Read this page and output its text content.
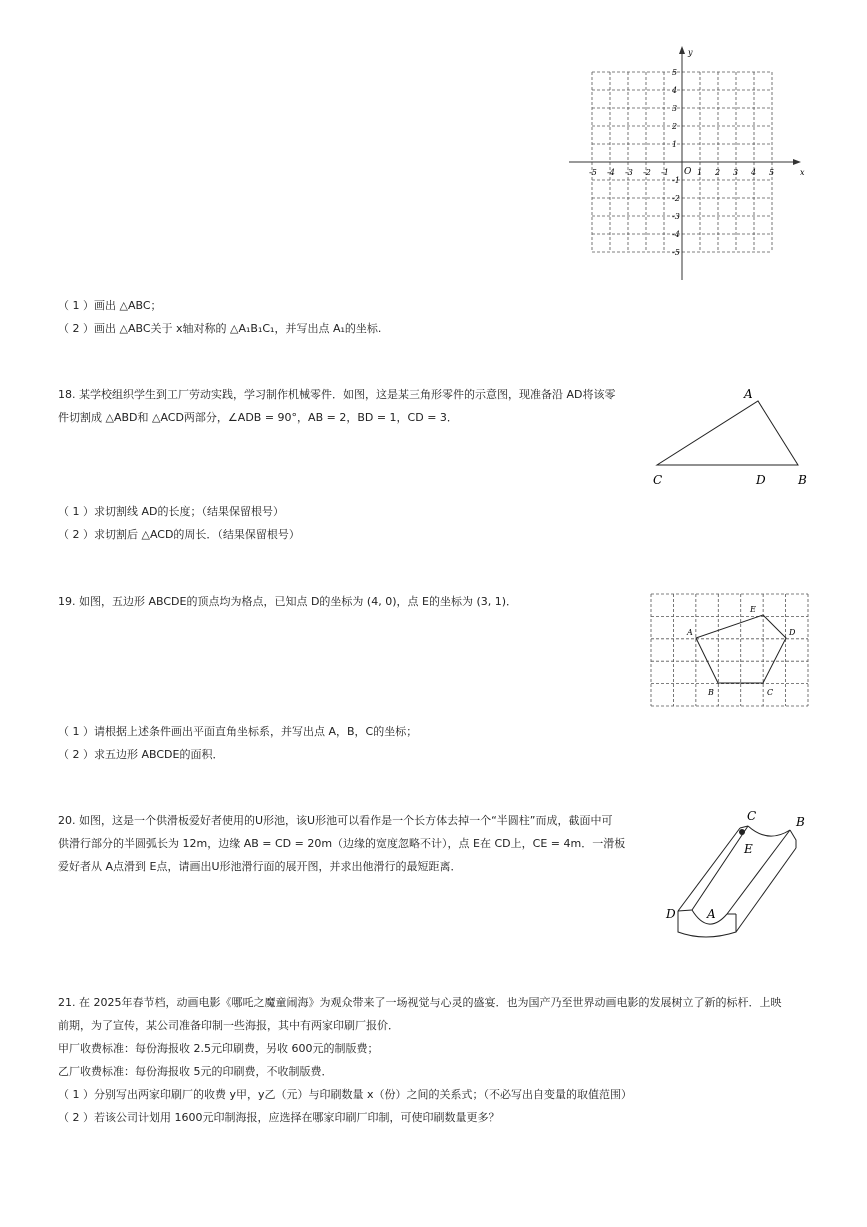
x
y
O
-5 -4 -3 -2 -1	1 2 3 4 5
5
4
3
2
1
-1
-2
-3
-4
-5
（ 1 ）画出 △ABC；
（ 2 ）画出 △ABC关于 x轴对称的 △A₁B₁C₁，并写出点 A₁的坐标.
18. 某学校组织学生到工厂劳动实践，学习制作机械零件．如图，这是某三角形零件的示意图，现准备沿 AD将该零
件切割成 △ABD和 △ACD两部分，∠ADB = 90°，AB = 2，BD = 1，CD = 3．
A
C	D	B
（ 1 ）求切割线 AD的长度；（结果保留根号）
（ 2 ）求切割后 △ACD的周长．（结果保留根号）
19. 如图，五边形 ABCDE的顶点均为格点，已知点 D的坐标为 (4, 0)，点 E的坐标为 (3, 1)．
A
E
D
B	C
（ 1 ）请根据上述条件画出平面直角坐标系，并写出点 A，B，C的坐标；
（ 2 ）求五边形 ABCDE的面积．
20. 如图，这是一个供滑板爱好者使用的U形池，该U形池可以看作是一个长方体去掉一个“半圆柱”而成，截面中可
供滑行部分的半圆弧长为 12m，边缘 AB = CD = 20m（边缘的宽度忽略不计），点 E在 CD上，CE = 4m．一滑板
爱好者从 A点滑到 E点，请画出U形池滑行面的展开图，并求出他滑行的最短距离．
C	B
E
D	A
21. 在 2025年春节档，动画电影《哪吒之魔童闹海》为观众带来了一场视觉与心灵的盛宴．也为国产乃至世界动画电影的发展树立了新的标杆．上映
前期，为了宣传，某公司准备印制一些海报，其中有两家印刷厂报价．
甲厂收费标准：每份海报收 2.5元印刷费，另收 600元的制版费；
乙厂收费标准：每份海报收 5元的印刷费，不收制版费．
（ 1 ）分别写出两家印刷厂的收费 y甲，y乙（元）与印刷数量 x（份）之间的关系式；（不必写出自变量的取值范围）
（ 2 ）若该公司计划用 1600元印制海报，应选择在哪家印刷厂印制，可使印刷数量更多？
